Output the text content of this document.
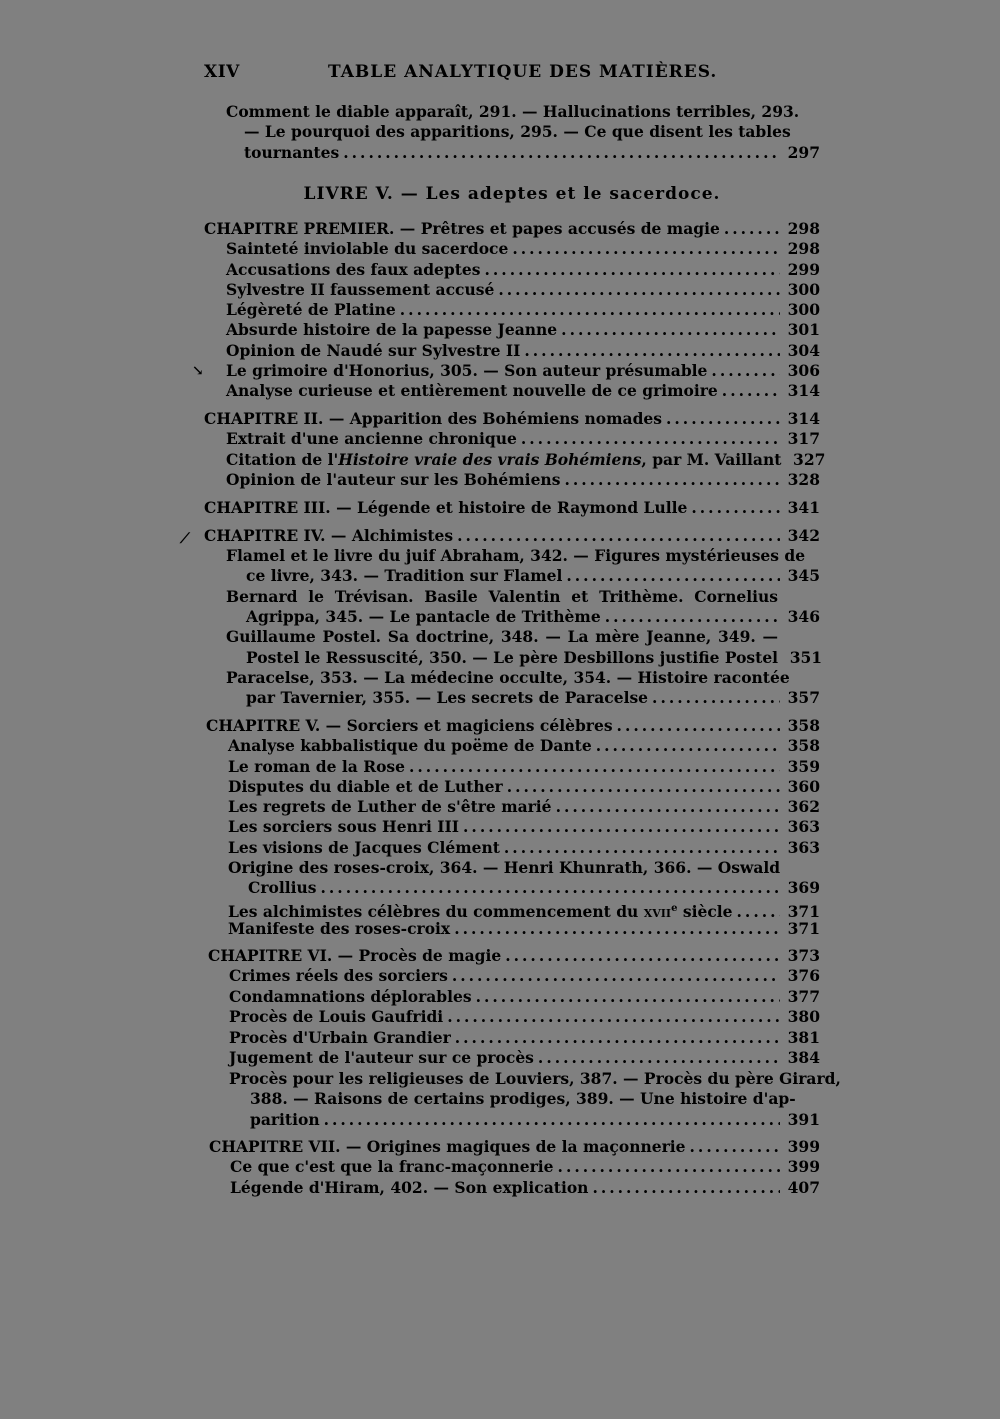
XIV	TABLE ANALYTIQUE DES MATIÈRES.
Comment le diable apparaît, 291. — Hallucinations terribles, 293.
— Le pourquoi des apparitions, 295. — Ce que disent les tables
tournantes .....	297
LIVRE V. — Les adeptes et le sacerdoce.
CHAPITRE PREMIER. — Prêtres et papes accusés de magie .....	298
Sainteté inviolable du sacerdoce .....	298
Accusations des faux adeptes .....	299
Sylvestre II faussement accusé .....	300
Légèreté de Platine .....	300
Absurde histoire de la papesse Jeanne .....	301
Opinion de Naudé sur Sylvestre II .....	304
Le grimoire d'Honorius, 305. — Son auteur présumable .....	306
Analyse curieuse et entièrement nouvelle de ce grimoire .....	314
CHAPITRE II. — Apparition des Bohémiens nomades .....	314
Extrait d'une ancienne chronique .....	317
Citation de l'Histoire vraie des vrais Bohémiens, par M. Vaillant 327
Opinion de l'auteur sur les Bohémiens .....	328
CHAPITRE III. — Légende et histoire de Raymond Lulle .....	341
CHAPITRE IV. — Alchimistes .....	342
Flamel et le livre du juif Abraham, 342. — Figures mystérieuses de
ce livre, 343. — Tradition sur Flamel .....	345
Bernard le Trévisan. Basile Valentin et Trithème. Cornelius
Agrippa, 345. — Le pantacle de Trithème .....	346
Guillaume Postel. Sa doctrine, 348. — La mère Jeanne, 349. —
Postel le Ressuscité, 350. — Le père Desbillons justifie Postel 351
Paracelse, 353. — La médecine occulte, 354. — Histoire racontée
par Tavernier, 355. — Les secrets de Paracelse .....	357
CHAPITRE V. — Sorciers et magiciens célèbres .....	358
Analyse kabbalistique du poëme de Dante .....	358
Le roman de la Rose .....	359
Disputes du diable et de Luther .....	360
Les regrets de Luther de s'être marié .....	362
Les sorciers sous Henri III .....	363
Les visions de Jacques Clément .....	363
Origine des roses-croix, 364. — Henri Khunrath, 366. — Oswald
Crollius .....	369
Les alchimistes célèbres du commencement du xvii$^e$ siècle .....	371
Manifeste des roses-croix .....	371
CHAPITRE VI. — Procès de magie .....	373
Crimes réels des sorciers .....	376
Condamnations déplorables .....	377
Procès de Louis Gaufridi .....	380
Procès d'Urbain Grandier .....	381
Jugement de l'auteur sur ce procès .....	384
Procès pour les religieuses de Louviers, 387. — Procès du père Girard,
388. — Raisons de certains prodiges, 389. — Une histoire d'ap-
parition .....	391
CHAPITRE VII. — Origines magiques de la maçonnerie .....	399
Ce que c'est que la franc-maçonnerie .....	399
Légende d'Hiram, 402. — Son explication .....	407
↘
⟋
